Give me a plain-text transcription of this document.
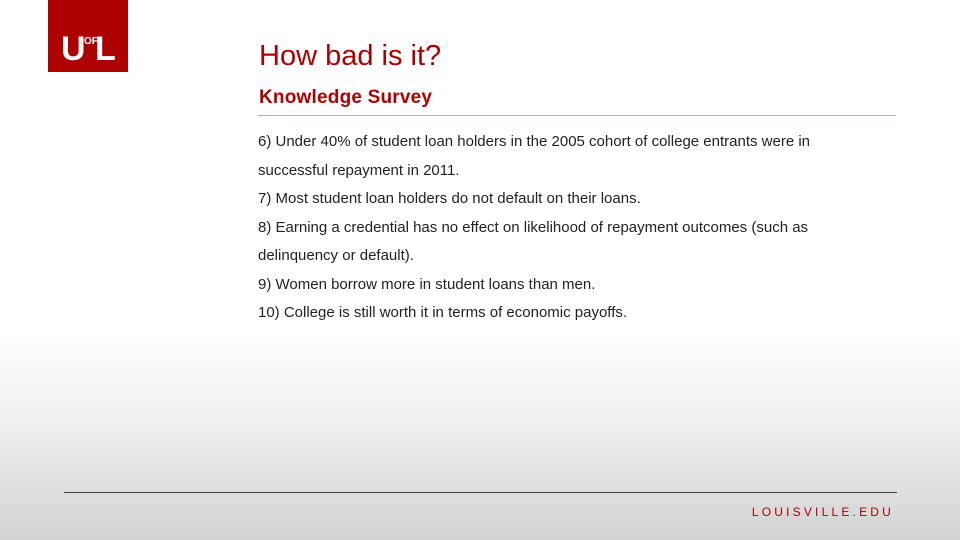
U
OF
L	How bad is it?
Knowledge Survey

6) Under 40% of student loan holders in the 2005 cohort of college entrants were in successful repayment in 2011.

7) Most student loan holders do not default on their loans.

8) Earning a credential has no effect on likelihood of repayment outcomes (such as delinquency or default).

9) Women borrow more in student loans than men.

10) College is still worth it in terms of economic payoffs.

LOUISVILLE.EDU
